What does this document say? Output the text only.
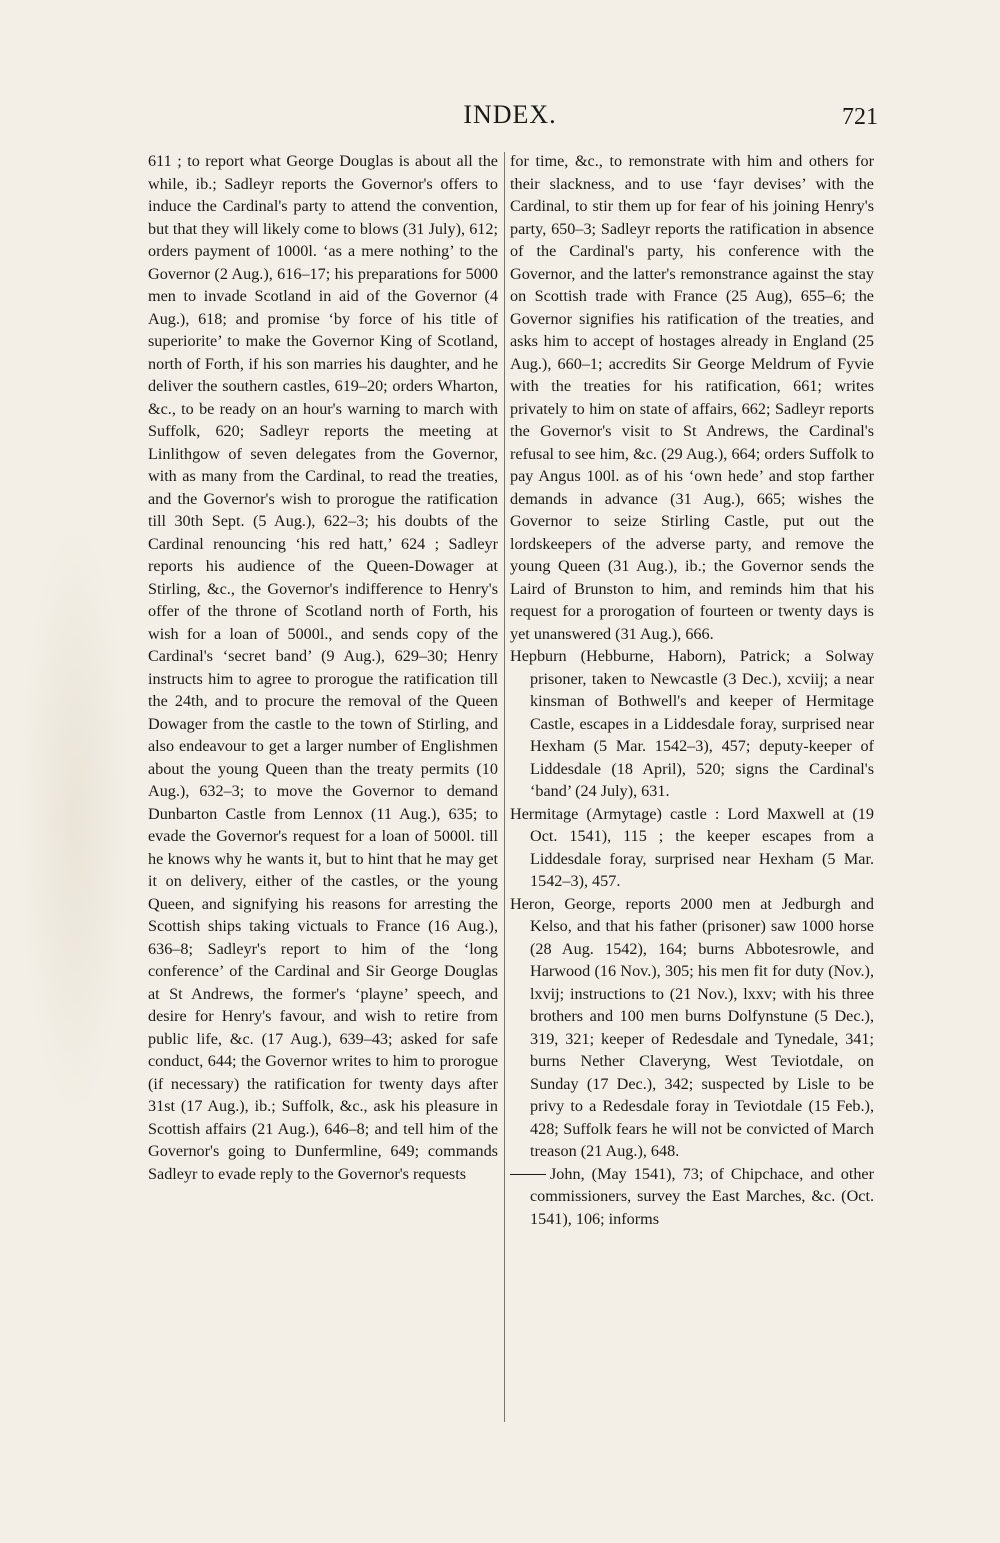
INDEX.	721

611 ; to report what George Douglas is about all the while, ib.; Sadleyr reports the Governor's offers to induce the Cardinal's party to attend the convention, but that they will likely come to blows (31 July), 612; orders payment of 1000l. ‘as a mere nothing’ to the Governor (2 Aug.), 616–17; his preparations for 5000 men to invade Scotland in aid of the Governor (4 Aug.), 618; and promise ‘by force of his title of superiorite’ to make the Governor King of Scotland, north of Forth, if his son marries his daughter, and he deliver the southern castles, 619–20; orders Wharton, &c., to be ready on an hour's warning to march with Suffolk, 620; Sadleyr reports the meeting at Linlithgow of seven delegates from the Governor, with as many from the Cardinal, to read the treaties, and the Governor's wish to prorogue the ratification till 30th Sept. (5 Aug.), 622–3; his doubts of the Cardinal renouncing ‘his red hatt,’ 624 ; Sadleyr reports his audience of the Queen-Dowager at Stirling, &c., the Governor's indifference to Henry's offer of the throne of Scotland north of Forth, his wish for a loan of 5000l., and sends copy of the Cardinal's ‘secret band’ (9 Aug.), 629–30; Henry instructs him to agree to prorogue the ratification till the 24th, and to procure the removal of the Queen Dowager from the castle to the town of Stirling, and also endeavour to get a larger number of Englishmen about the young Queen than the treaty permits (10 Aug.), 632–3; to move the Governor to demand Dunbarton Castle from Lennox (11 Aug.), 635; to evade the Governor's request for a loan of 5000l. till he knows why he wants it, but to hint that he may get it on delivery, either of the castles, or the young Queen, and signifying his reasons for arresting the Scottish ships taking victuals to France (16 Aug.), 636–8; Sadleyr's report to him of the ‘long conference’ of the Cardinal and Sir George Douglas at St Andrews, the former's ‘playne’ speech, and desire for Henry's favour, and wish to retire from public life, &c. (17 Aug.), 639–43; asked for safe conduct, 644; the Governor writes to him to prorogue (if necessary) the ratification for twenty days after 31st (17 Aug.), ib.; Suffolk, &c., ask his pleasure in Scottish affairs (21 Aug.), 646–8; and tell him of the Governor's going to Dunfermline, 649; commands Sadleyr to evade reply to the Governor's requests

for time, &c., to remonstrate with him and others for their slackness, and to use ‘fayr devises’ with the Cardinal, to stir them up for fear of his joining Henry's party, 650–3; Sadleyr reports the ratification in absence of the Cardinal's party, his conference with the Governor, and the latter's remonstrance against the stay on Scottish trade with France (25 Aug), 655–6; the Governor signifies his ratification of the treaties, and asks him to accept of hostages already in England (25 Aug.), 660–1; accredits Sir George Meldrum of Fyvie with the treaties for his ratification, 661; writes privately to him on state of affairs, 662; Sadleyr reports the Governor's visit to St Andrews, the Cardinal's refusal to see him, &c. (29 Aug.), 664; orders Suffolk to pay Angus 100l. as of his ‘own hede’ and stop farther demands in advance (31 Aug.), 665; wishes the Governor to seize Stirling Castle, put out the lordskeepers of the adverse party, and remove the young Queen (31 Aug.), ib.; the Governor sends the Laird of Brunston to him, and reminds him that his request for a prorogation of fourteen or twenty days is yet unanswered (31 Aug.), 666.

Hepburn (Hebburne, Haborn), Patrick; a Solway prisoner, taken to Newcastle (3 Dec.), xcviij; a near kinsman of Bothwell's and keeper of Hermitage Castle, escapes in a Liddesdale foray, surprised near Hexham (5 Mar. 1542–3), 457; deputy-keeper of Liddesdale (18 April), 520; signs the Cardinal's ‘band’ (24 July), 631.

Hermitage (Armytage) castle : Lord Maxwell at (19 Oct. 1541), 115 ; the keeper escapes from a Liddesdale foray, surprised near Hexham (5 Mar. 1542–3), 457.

Heron, George, reports 2000 men at Jedburgh and Kelso, and that his father (prisoner) saw 1000 horse (28 Aug. 1542), 164; burns Abbotesrowle, and Harwood (16 Nov.), 305; his men fit for duty (Nov.), lxvij; instructions to (21 Nov.), lxxv; with his three brothers and 100 men burns Dolfynstune (5 Dec.), 319, 321; keeper of Redesdale and Tynedale, 341; burns Nether Claveryng, West Teviotdale, on Sunday (17 Dec.), 342; suspected by Lisle to be privy to a Redesdale foray in Teviotdale (15 Feb.), 428; Suffolk fears he will not be convicted of March treason (21 Aug.), 648.

John, (May 1541), 73; of Chipchace, and other commissioners, survey the East Marches, &c. (Oct. 1541), 106; informs
